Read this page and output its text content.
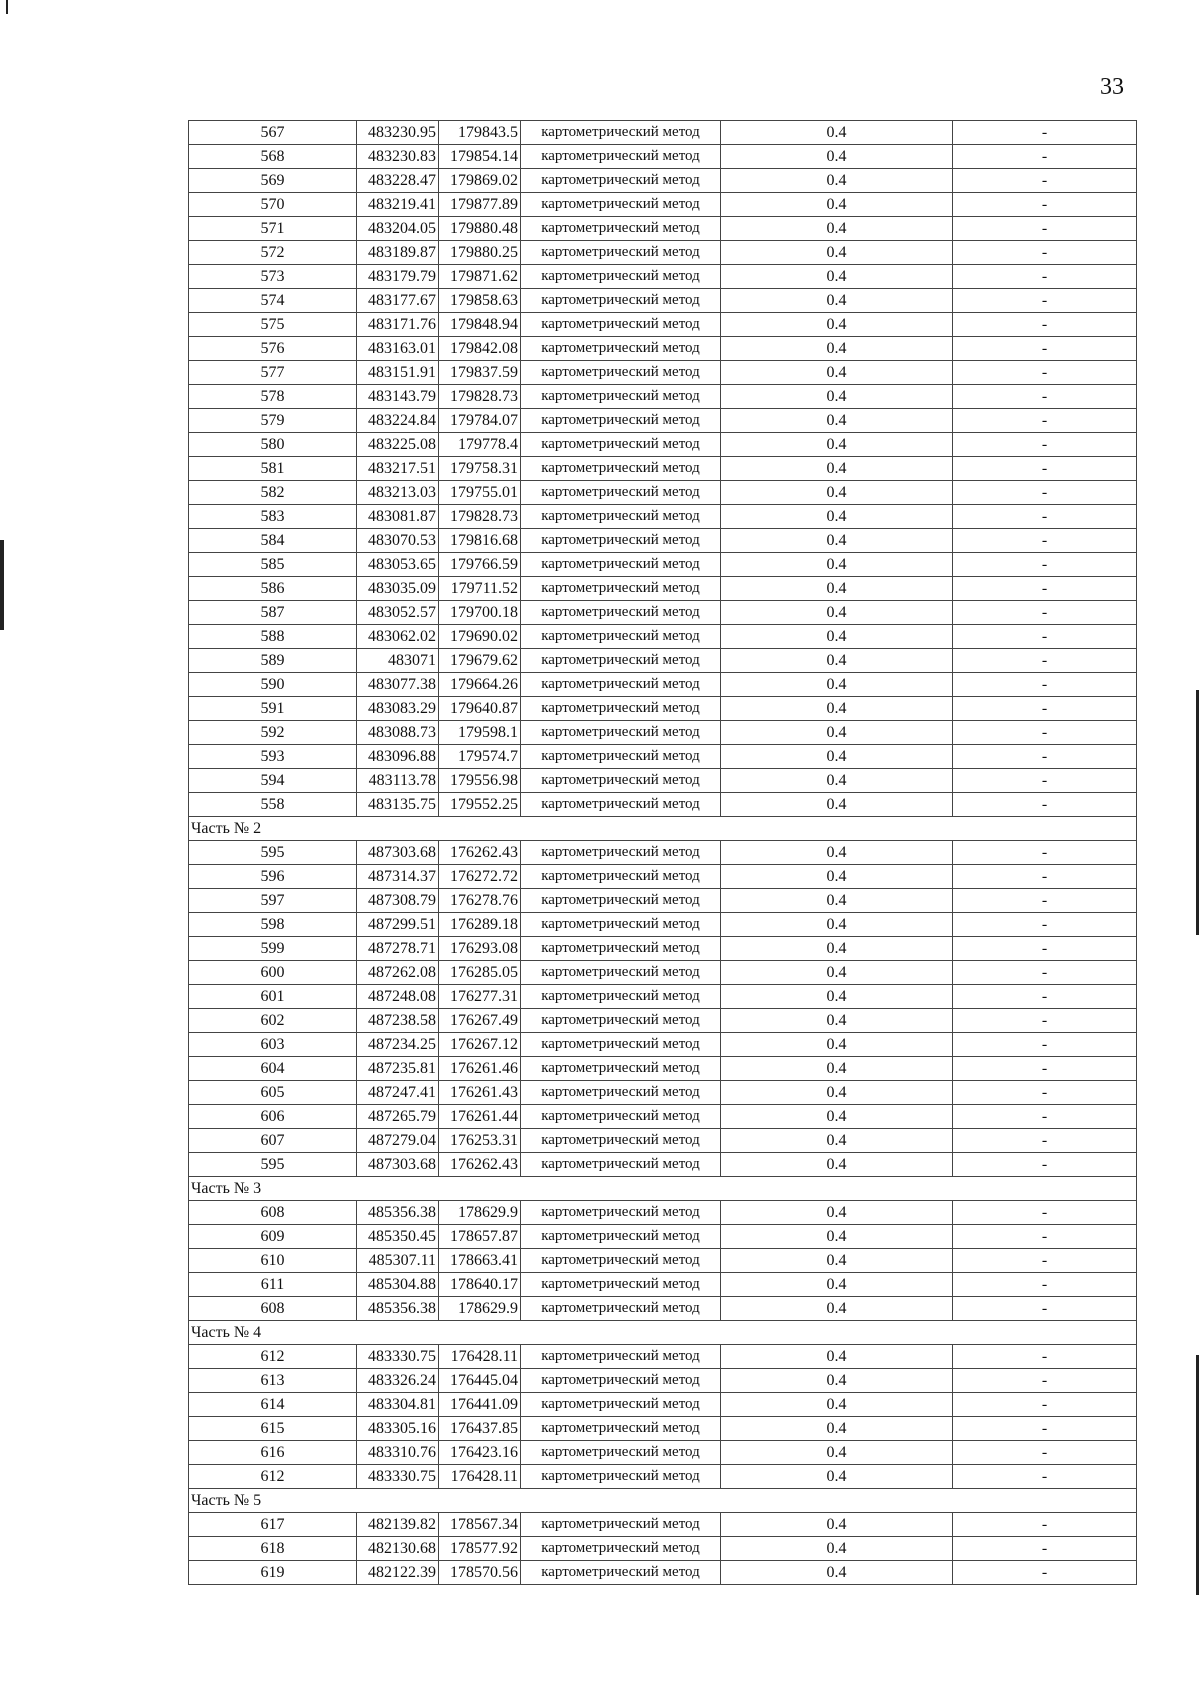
33
567	483230.95	179843.5	картометрический метод	0.4	-
568	483230.83	179854.14	картометрический метод	0.4	-
569	483228.47	179869.02	картометрический метод	0.4	-
570	483219.41	179877.89	картометрический метод	0.4	-
571	483204.05	179880.48	картометрический метод	0.4	-
572	483189.87	179880.25	картометрический метод	0.4	-
573	483179.79	179871.62	картометрический метод	0.4	-
574	483177.67	179858.63	картометрический метод	0.4	-
575	483171.76	179848.94	картометрический метод	0.4	-
576	483163.01	179842.08	картометрический метод	0.4	-
577	483151.91	179837.59	картометрический метод	0.4	-
578	483143.79	179828.73	картометрический метод	0.4	-
579	483224.84	179784.07	картометрический метод	0.4	-
580	483225.08	179778.4	картометрический метод	0.4	-
581	483217.51	179758.31	картометрический метод	0.4	-
582	483213.03	179755.01	картометрический метод	0.4	-
583	483081.87	179828.73	картометрический метод	0.4	-
584	483070.53	179816.68	картометрический метод	0.4	-
585	483053.65	179766.59	картометрический метод	0.4	-
586	483035.09	179711.52	картометрический метод	0.4	-
587	483052.57	179700.18	картометрический метод	0.4	-
588	483062.02	179690.02	картометрический метод	0.4	-
589	483071	179679.62	картометрический метод	0.4	-
590	483077.38	179664.26	картометрический метод	0.4	-
591	483083.29	179640.87	картометрический метод	0.4	-
592	483088.73	179598.1	картометрический метод	0.4	-
593	483096.88	179574.7	картометрический метод	0.4	-
594	483113.78	179556.98	картометрический метод	0.4	-
558	483135.75	179552.25	картометрический метод	0.4	-
Часть № 2					
595	487303.68	176262.43	картометрический метод	0.4	-
596	487314.37	176272.72	картометрический метод	0.4	-
597	487308.79	176278.76	картометрический метод	0.4	-
598	487299.51	176289.18	картометрический метод	0.4	-
599	487278.71	176293.08	картометрический метод	0.4	-
600	487262.08	176285.05	картометрический метод	0.4	-
601	487248.08	176277.31	картометрический метод	0.4	-
602	487238.58	176267.49	картометрический метод	0.4	-
603	487234.25	176267.12	картометрический метод	0.4	-
604	487235.81	176261.46	картометрический метод	0.4	-
605	487247.41	176261.43	картометрический метод	0.4	-
606	487265.79	176261.44	картометрический метод	0.4	-
607	487279.04	176253.31	картометрический метод	0.4	-
595	487303.68	176262.43	картометрический метод	0.4	-
Часть № 3					
608	485356.38	178629.9	картометрический метод	0.4	-
609	485350.45	178657.87	картометрический метод	0.4	-
610	485307.11	178663.41	картометрический метод	0.4	-
611	485304.88	178640.17	картометрический метод	0.4	-
608	485356.38	178629.9	картометрический метод	0.4	-
Часть № 4					
612	483330.75	176428.11	картометрический метод	0.4	-
613	483326.24	176445.04	картометрический метод	0.4	-
614	483304.81	176441.09	картометрический метод	0.4	-
615	483305.16	176437.85	картометрический метод	0.4	-
616	483310.76	176423.16	картометрический метод	0.4	-
612	483330.75	176428.11	картометрический метод	0.4	-
Часть № 5					
617	482139.82	178567.34	картометрический метод	0.4	-
618	482130.68	178577.92	картометрический метод	0.4	-
619	482122.39	178570.56	картометрический метод	0.4	-
